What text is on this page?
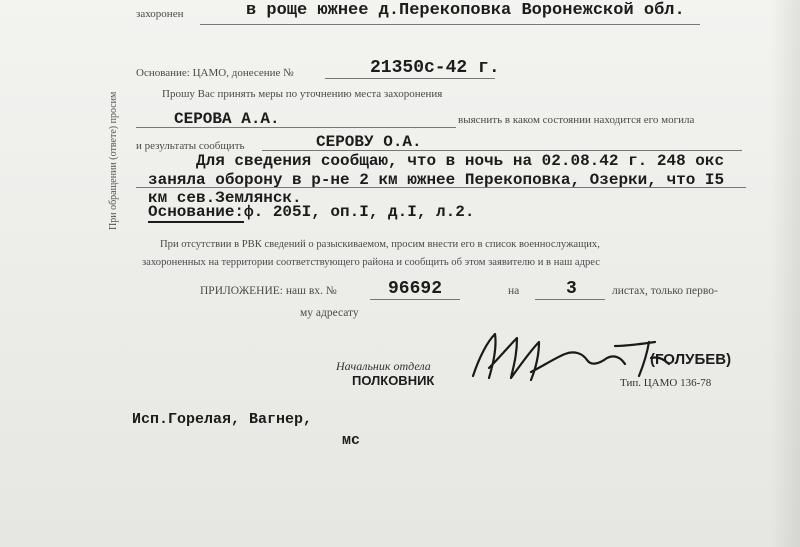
При обращении (ответе) просим
захоронен	в роще южнее д.Перекоповка Воронежской обл.
Основание: ЦАМО, донесение №	21350с-42 г.
Прошу Вас принять меры по уточнению места захоронения
СЕРОВА А.А.	выяснить в каком состоянии находится его могила
и результаты сообщить	СЕРОВУ О.А.
Для сведения сообщаю, что в ночь на 02.08.42 г. 248 окс
заняла оборону в р-не 2 км южнее Перекоповка, Озерки, что I5
км сев.Землянск.
Основание:ф. 205I, оп.I, д.I, л.2.
При отсутствии в РВК сведений о разыскиваемом, просим внести его в список военнослужащих,
захороненных на территории соответствующего района и сообщить об этом заявителю и в наш адрес
ПРИЛОЖЕНИЕ: наш вх. №	96692	на	3	листах, только перво-
му адресату
Начальник отдела
ПОЛКОВНИК
(ГОЛУБЕВ)
Тип. ЦАМО 136-78
Исп.Горелая, Вагнер,
мс
